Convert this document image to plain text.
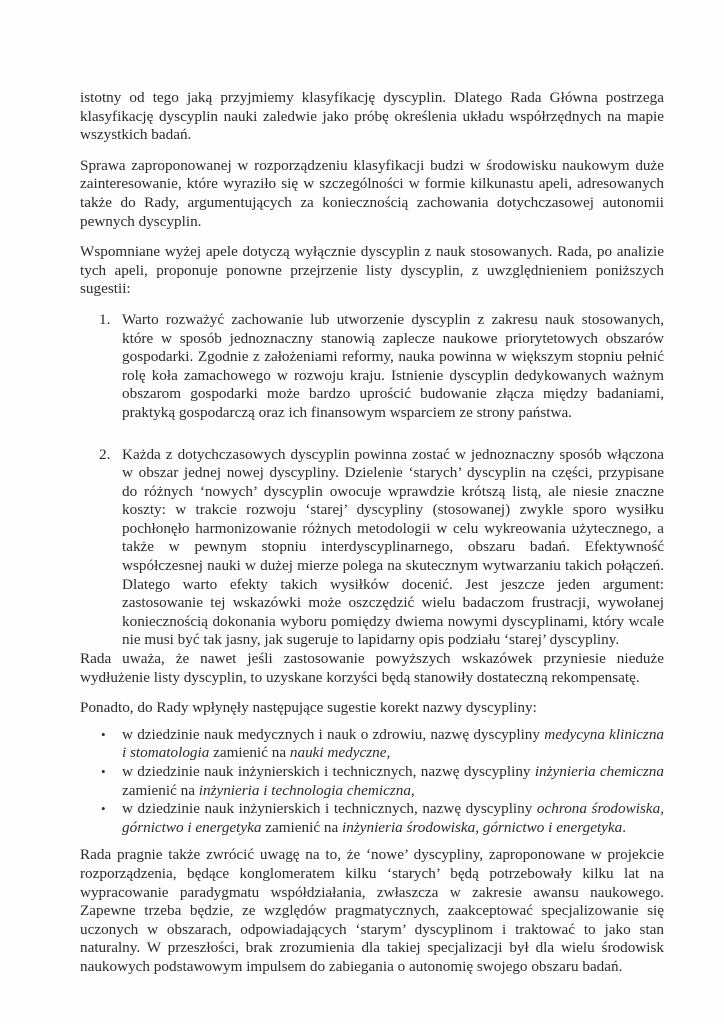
istotny od tego jaką przyjmiemy klasyfikację dyscyplin. Dlatego Rada Główna postrzega klasyfikację dyscyplin nauki zaledwie jako próbę określenia układu współrzędnych na mapie wszystkich badań.

Sprawa zaproponowanej w rozporządzeniu klasyfikacji budzi w środowisku naukowym duże zainteresowanie, które wyraziło się w szczególności w formie kilkunastu apeli, adresowanych także do Rady, argumentujących za koniecznością zachowania dotychczasowej autonomii pewnych dyscyplin.

Wspomniane wyżej apele dotyczą wyłącznie dyscyplin z nauk stosowanych. Rada, po analizie tych apeli, proponuje ponowne przejrzenie listy dyscyplin, z uwzględnieniem poniższych sugestii:

1. Warto rozważyć zachowanie lub utworzenie dyscyplin z zakresu nauk stosowanych, które w sposób jednoznaczny stanowią zaplecze naukowe priorytetowych obszarów gospodarki. Zgodnie z założeniami reformy, nauka powinna w większym stopniu pełnić rolę koła zamachowego w rozwoju kraju. Istnienie dyscyplin dedykowanych ważnym obszarom gospodarki może bardzo uprościć budowanie złącza między badaniami, praktyką gospodarczą oraz ich finansowym wsparciem ze strony państwa.
2. Każda z dotychczasowych dyscyplin powinna zostać w jednoznaczny sposób włączona w obszar jednej nowej dyscypliny. Dzielenie ‘starych’ dyscyplin na części, przypisane do różnych ‘nowych’ dyscyplin owocuje wprawdzie krótszą listą, ale niesie znaczne koszty: w trakcie rozwoju ‘starej’ dyscypliny (stosowanej) zwykle sporo wysiłku pochłonęło harmonizowanie różnych metodologii w celu wykreowania użytecznego, a także w pewnym stopniu interdyscyplinarnego, obszaru badań. Efektywność współczesnej nauki w dużej mierze polega na skutecznym wytwarzaniu takich połączeń. Dlatego warto efekty takich wysiłków docenić. Jest jeszcze jeden argument: zastosowanie tej wskazówki może oszczędzić wielu badaczom frustracji, wywołanej koniecznością dokonania wyboru pomiędzy dwiema nowymi dyscyplinami, który wcale nie musi być tak jasny, jak sugeruje to lapidarny opis podziału ‘starej’ dyscypliny.

Rada uważa, że nawet jeśli zastosowanie powyższych wskazówek przyniesie nieduże wydłużenie listy dyscyplin, to uzyskane korzyści będą stanowiły dostateczną rekompensatę.

Ponadto, do Rady wpłynęły następujące sugestie korekt nazwy dyscypliny:

• w dziedzinie nauk medycznych i nauk o zdrowiu, nazwę dyscypliny medycyna kliniczna i stomatologia zamienić na nauki medyczne,
• w dziedzinie nauk inżynierskich i technicznych, nazwę dyscypliny inżynieria chemiczna zamienić na inżynieria i technologia chemiczna,
• w dziedzinie nauk inżynierskich i technicznych, nazwę dyscypliny ochrona środowiska, górnictwo i energetyka zamienić na inżynieria środowiska, górnictwo i energetyka.

Rada pragnie także zwrócić uwagę na to, że ‘nowe’ dyscypliny, zaproponowane w projekcie rozporządzenia, będące konglomeratem kilku ‘starych’ będą potrzebowały kilku lat na wypracowanie paradygmatu współdziałania, zwłaszcza w zakresie awansu naukowego. Zapewne trzeba będzie, ze względów pragmatycznych, zaakceptować specjalizowanie się uczonych w obszarach, odpowiadających ‘starym’ dyscyplinom i traktować to jako stan naturalny. W przeszłości, brak zrozumienia dla takiej specjalizacji był dla wielu środowisk naukowych podstawowym impulsem do zabiegania o autonomię swojego obszaru badań.
